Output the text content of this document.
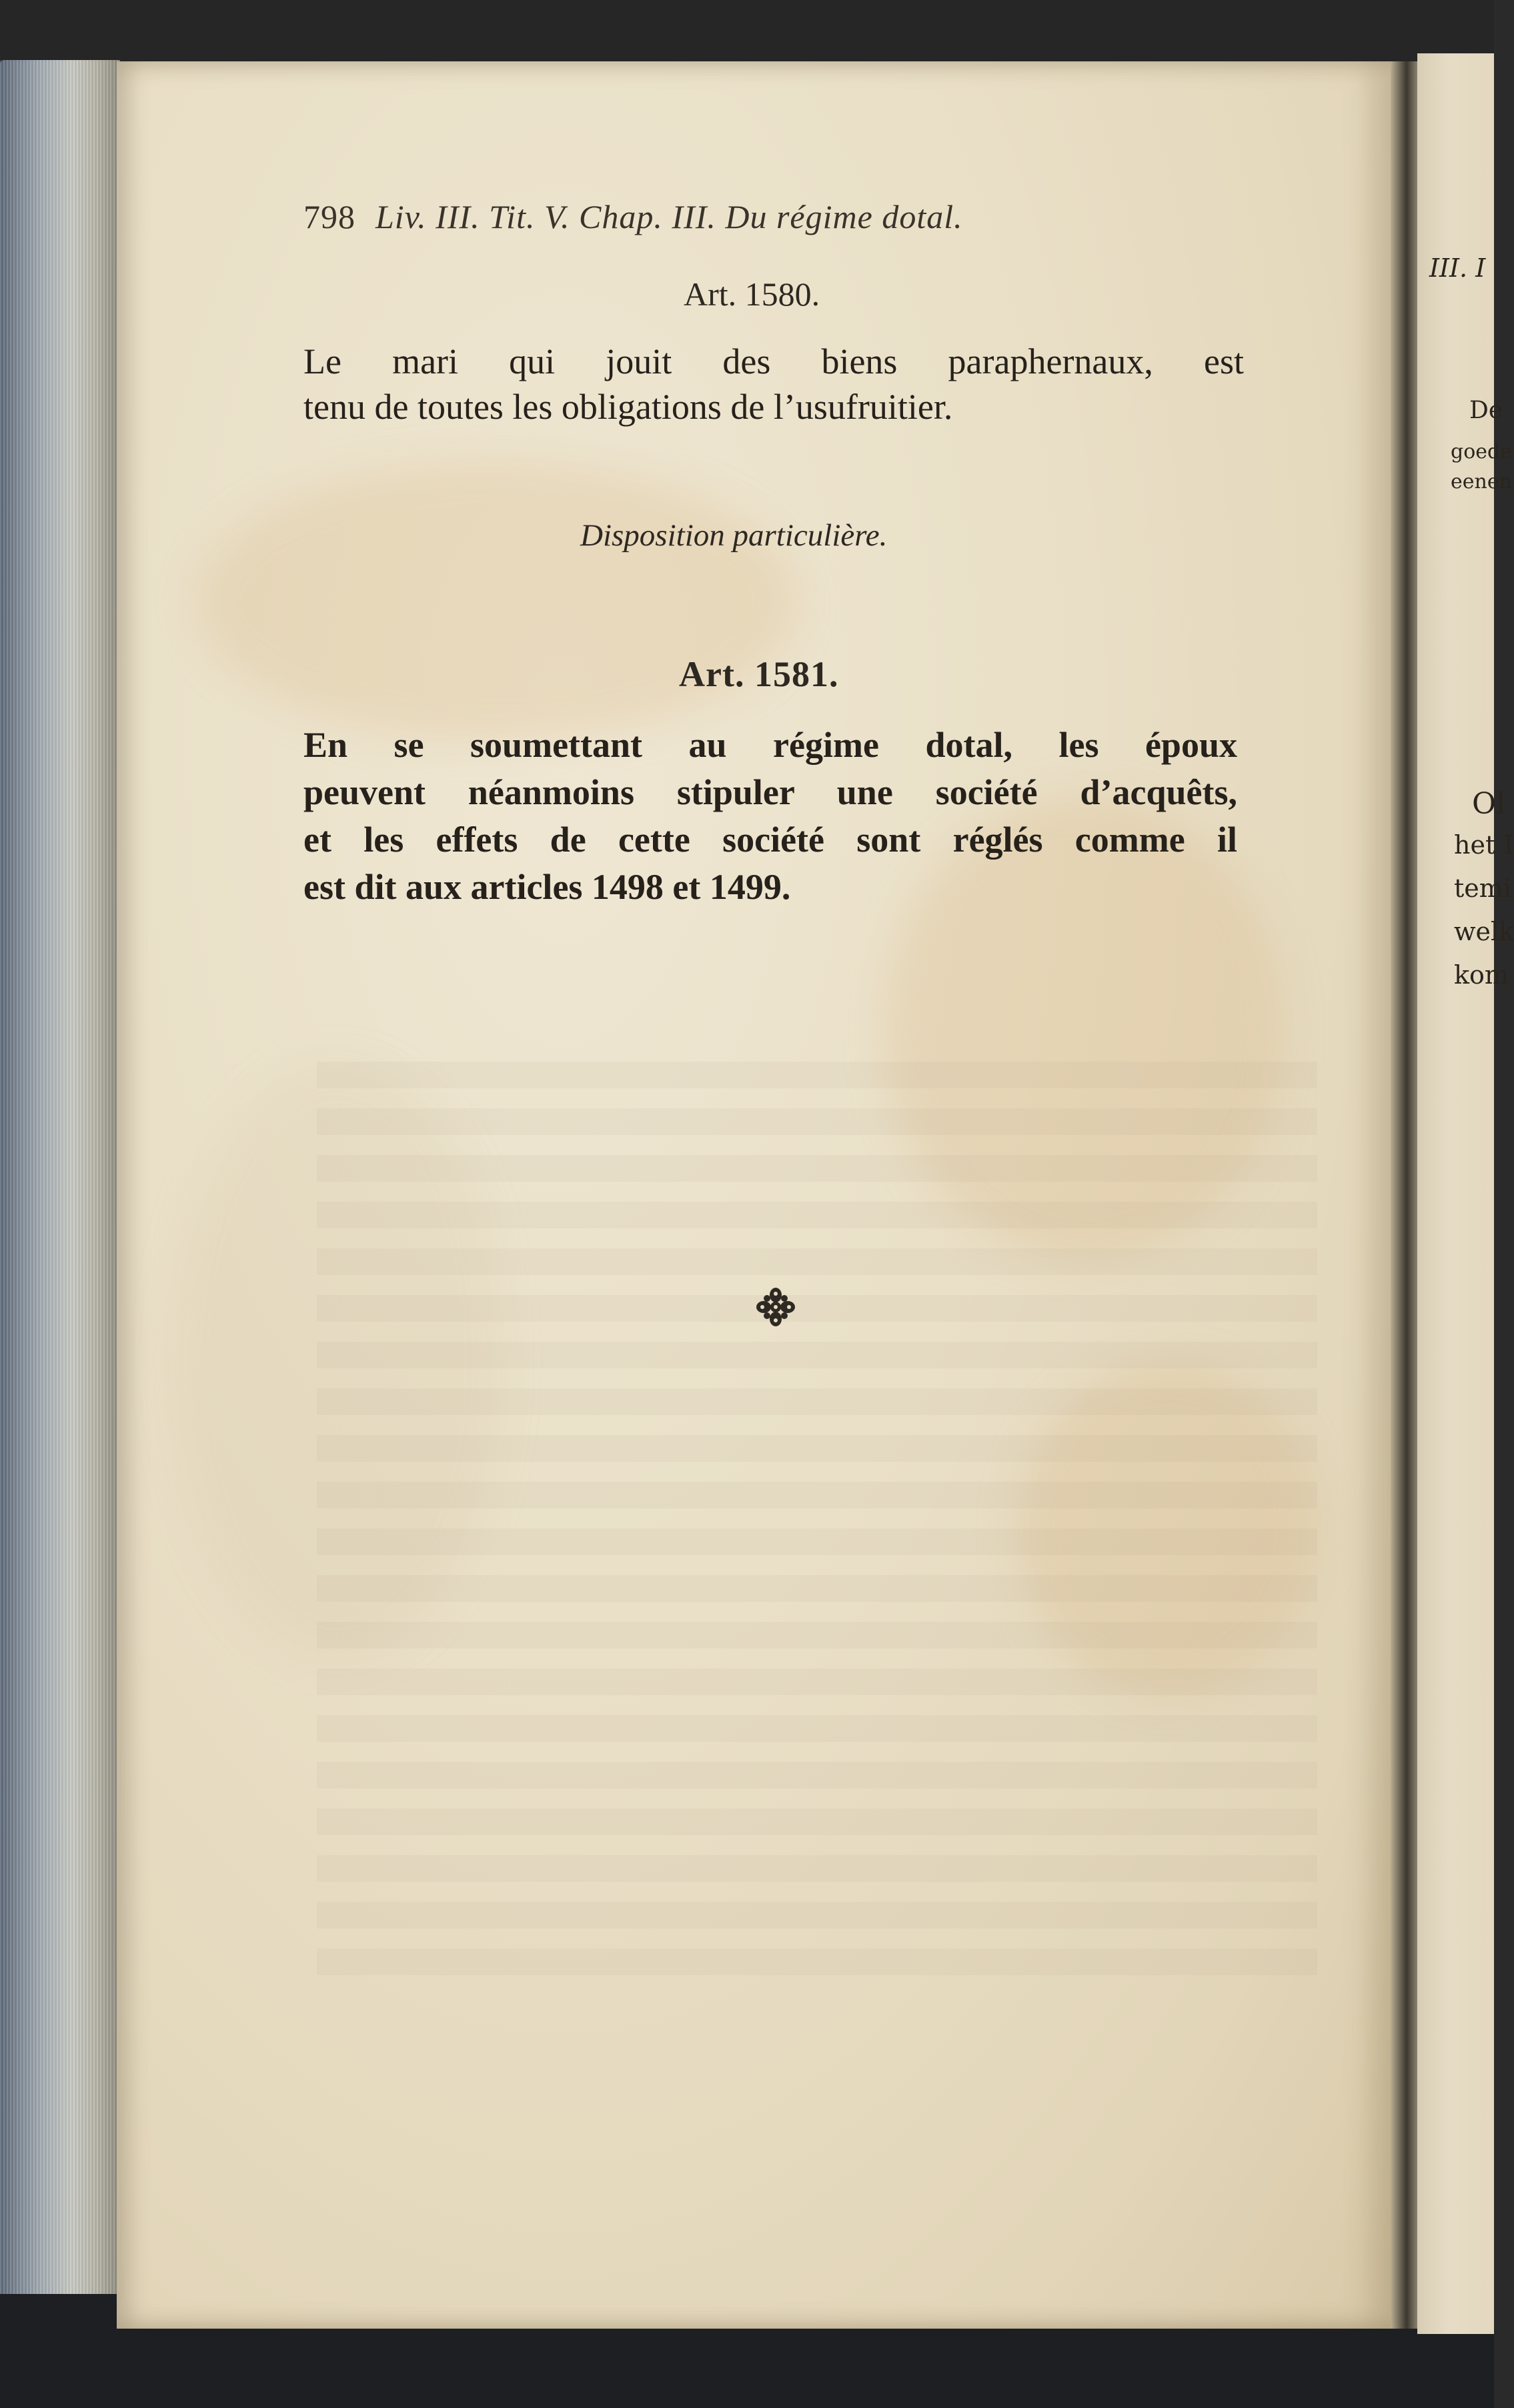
III. I
De
goede
eenen
Ol
het I
temi
welk
kom
798 Liv. III. Tit. V. Chap. III. Du régime dotal.
Art. 1580.
Le mari qui jouit des biens paraphernaux, est
tenu de toutes les obligations de l’usufruitier.
Disposition particulière.
Art. 1581.
En se soumettant au régime dotal, les époux
peuvent néanmoins stipuler une société d’acquêts,
et les effets de cette société sont réglés comme il
est dit aux articles 1498 et 1499.
